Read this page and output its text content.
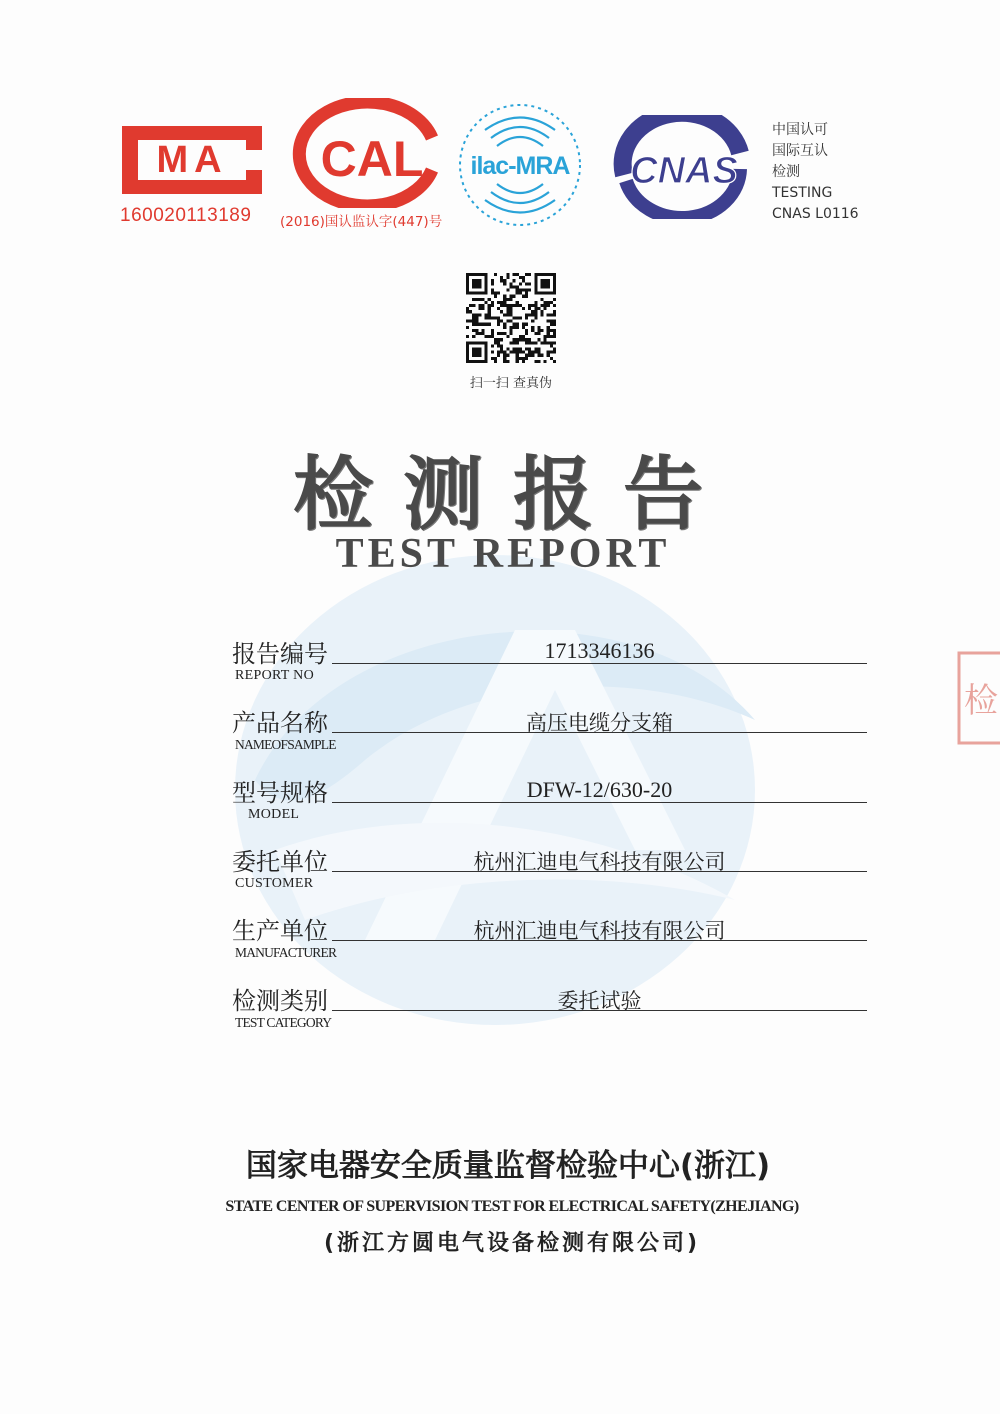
MA
160020113189
CAL
(2016)国认监认字(447)号
ilac-MRA CNAS
中国认可
国际互认
检测
TESTING
CNAS L0116
扫一扫 查真伪
检测报告
TEST REPORT
报告编号
REPORT NO
1713346136
产品名称
NAMEOFSAMPLE
高压电缆分支箱
型号规格
MODEL
DFW-12/630-20
委托单位
CUSTOMER
杭州汇迪电气科技有限公司
生产单位
MANUFACTURER
杭州汇迪电气科技有限公司
检测类别
TEST CATEGORY
委托试验
国家电器安全质量监督检验中心(浙江)
STATE CENTER OF SUPERVISION TEST FOR ELECTRICAL SAFETY(ZHEJIANG)
(浙江方圆电气设备检测有限公司)
检
